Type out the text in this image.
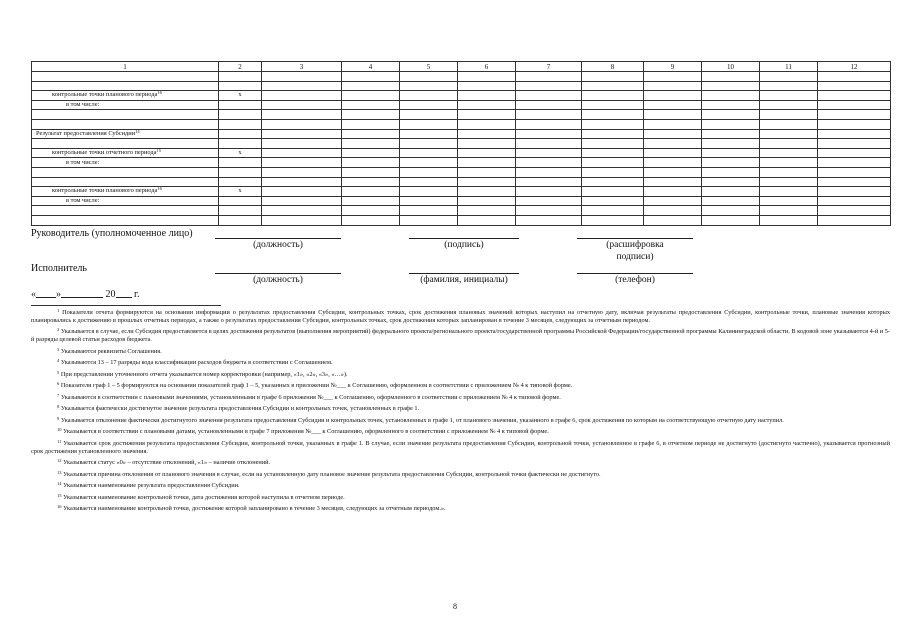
1	2	3	4	5	6	7	8	9	10	11	12

контрольные точки планового периода$^{16}$	x										
в том числе:											

Результат предоставления Субсидии$^{14}$											

контрольные точки отчетного периода$^{15}$	x										
в том числе:											

контрольные точки планового периода$^{16}$	x										
в том числе:											

Руководитель (уполномоченное лицо)
(должность)	(подпись)	(расшифровка
подписи)
Исполнитель
(должность)	(фамилия, инициалы)	(телефон)
« »	20 г.

$^1$ Показатели отчета формируются на основании информации о результатах предоставления Субсидии, контрольных точках, срок достижения плановых значений которых наступил на отчетную дату, включая результаты предоставления Субсидии, контрольные точки, плановые значения которых планировались к достижению в прошлых отчетных периодах, а также о результатах предоставления Субсидии, контрольных точках, срок достижения которых запланирован в течение 3 месяцев, следующих за отчетным периодом.

$^2$ Указывается в случае, если Субсидия предоставляется в целях достижения результатов (выполнения мероприятий) федерального проекта/регионального проекта/государственной программы Российской Федерации/государственной программы Калининградской области. В кодовой зоне указываются 4-й и 5-й разряды целевой статьи расходов бюджета.

$^3$ Указываются реквизиты Соглашения.

$^4$ Указываются 13 – 17 разряды кода классификации расходов бюджета в соответствии с Соглашением.

$^5$ При представлении уточненного отчета указывается номер корректировки (например, «1», «2», «3», «…»).

$^6$ Показатели граф 1 – 5 формируются на основании показателей граф 1 – 5, указанных в приложении №___ к Соглашению, оформленном в соответствии с приложением № 4 к типовой форме.

$^7$ Указываются в соответствии с плановыми значениями, установленными в графе 6 приложения №___ к Соглашению, оформленного в соответствии с приложением № 4 к типовой форме.

$^8$ Указывается фактически достигнутое значение результата предоставления Субсидии и контрольных точек, установленных в графе 1.

$^9$ Указывается отклонение фактически достигнутого значения результата предоставления Субсидии и контрольных точек, установленных в графе 1, от планового значения, указанного в графе 6, срок достижения по которым на соответствующую отчетную дату наступил.

$^{10}$ Указывается в соответствии с плановыми датами, установленными в графе 7 приложения №___ к Соглашению, оформленного в соответствии с приложением № 4 к типовой форме.

$^{11}$ Указывается срок достижения результата предоставления Субсидии, контрольной точки, указанных в графе 1. В случае, если значение результата предоставления Субсидии, контрольной точки, установленное в графе 6, в отчетном периоде не достигнуто (достигнуто частично), указывается прогнозный срок достижения установленного значения.

$^{12}$ Указывается статус «0» – отсутствие отклонений, «1» – наличие отклонений.

$^{13}$ Указывается причина отклонения от планового значения в случае, если на установленную дату плановое значение результата предоставления Субсидии, контрольной точки фактически не достигнуто.

$^{14}$ Указывается наименование результата предоставления Субсидии.

$^{15}$ Указывается наименование контрольной точки, дата достижения которой наступила в отчетном периоде.

$^{16}$ Указывается наименование контрольной точки, достижение которой запланировано в течение 3 месяцев, следующих за отчетным периодом.».

8
